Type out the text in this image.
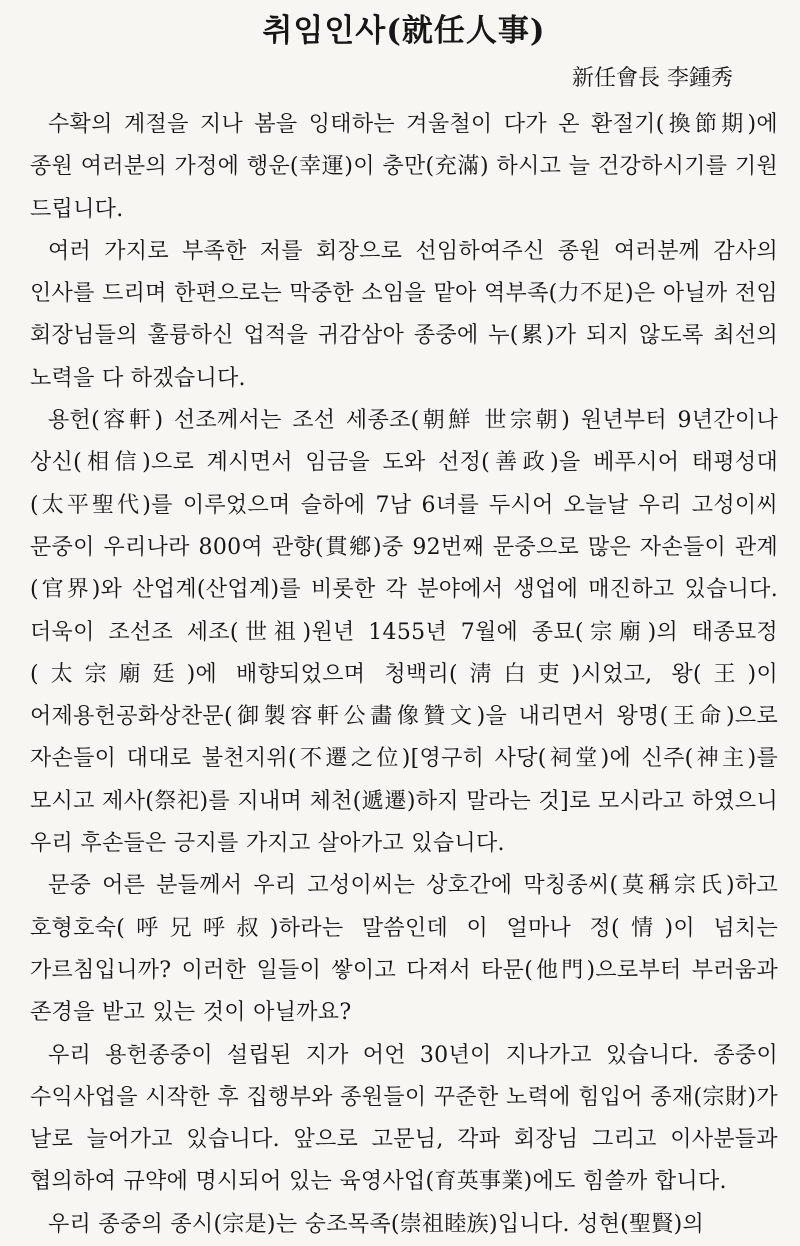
취임인사(就任人事)
新任會長 李鍾秀

수확의 계절을 지나 봄을 잉태하는 겨울철이 다가 온 환절기(換節期)에 종원 여러분의 가정에 행운(幸運)이 충만(充滿) 하시고 늘 건강하시기를 기원 드립니다.

여러 가지로 부족한 저를 회장으로 선임하여주신 종원 여러분께 감사의 인사를 드리며 한편으로는 막중한 소임을 맡아 역부족(力不足)은 아닐까 전임 회장님들의 훌륭하신 업적을 귀감삼아 종중에 누(累)가 되지 않도록 최선의 노력을 다 하겠습니다.

용헌(容軒) 선조께서는 조선 세종조(朝鮮 世宗朝) 원년부터 9년간이나 상신(相信)으로 계시면서 임금을 도와 선정(善政)을 베푸시어 태평성대(太平聖代)를 이루었으며 슬하에 7남 6녀를 두시어 오늘날 우리 고성이씨 문중이 우리나라 800여 관향(貫鄕)중 92번째 문중으로 많은 자손들이 관계(官界)와 산업계(산업계)를 비롯한 각 분야에서 생업에 매진하고 있습니다. 더욱이 조선조 세조(世祖)원년 1455년 7월에 종묘(宗廟)의 태종묘정(太宗廟廷)에 배향되었으며 청백리(淸白吏)시었고, 왕(王)이 어제용헌공화상찬문(御製容軒公畵像贊文)을 내리면서 왕명(王命)으로 자손들이 대대로 불천지위(不遷之位)[영구히 사당(祠堂)에 신주(神主)를 모시고 제사(祭祀)를 지내며 체천(遞遷)하지 말라는 것]로 모시라고 하였으니 우리 후손들은 긍지를 가지고 살아가고 있습니다.

문중 어른 분들께서 우리 고성이씨는 상호간에 막칭종씨(莫稱宗氏)하고 호형호숙(呼兄呼叔)하라는 말씀인데 이 얼마나 정(情)이 넘치는 가르침입니까? 이러한 일들이 쌓이고 다져서 타문(他門)으로부터 부러움과 존경을 받고 있는 것이 아닐까요?

우리 용헌종중이 설립된 지가 어언 30년이 지나가고 있습니다. 종중이 수익사업을 시작한 후 집행부와 종원들이 꾸준한 노력에 힘입어 종재(宗財)가 날로 늘어가고 있습니다. 앞으로 고문님, 각파 회장님 그리고 이사분들과 협의하여 규약에 명시되어 있는 육영사업(育英事業)에도 힘쓸까 합니다.

우리 종중의 종시(宗是)는 숭조목족(崇祖睦族)입니다. 성현(聖賢)의
